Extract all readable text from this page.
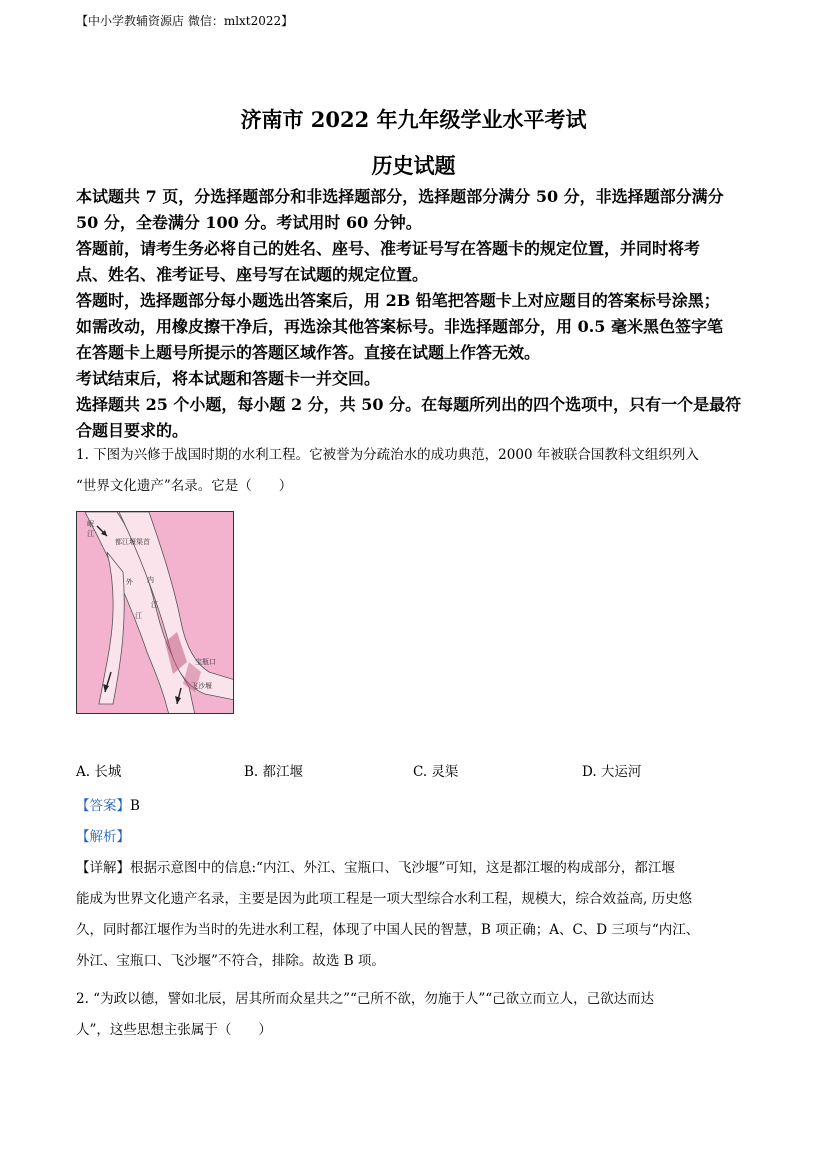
【中小学教辅资源店 微信：mlxt2022】
济南市 2022 年九年级学业水平考试
历史试题
本试题共 7 页，分选择题部分和非选择题部分，选择题部分满分 50 分，非选择题部分满分
50 分，全卷满分 100 分。考试用时 60 分钟。
答题前，请考生务必将自己的姓名、座号、准考证号写在答题卡的规定位置，并同时将考
点、姓名、准考证号、座号写在试题的规定位置。
答题时，选择题部分每小题选出答案后，用 2B 铅笔把答题卡上对应题目的答案标号涂黑；
如需改动，用橡皮擦干净后，再选涂其他答案标号。非选择题部分，用 0.5 毫米黑色签字笔
在答题卡上题号所提示的答题区域作答。直接在试题上作答无效。
考试结束后，将本试题和答题卡一并交回。
选择题共 25 个小题，每小题 2 分，共 50 分。在每题所列出的四个选项中，只有一个是最符
合题目要求的。
1. 下图为兴修于战国时期的水利工程。它被誉为分疏治水的成功典范，2000 年被联合国教科文组织列入
“世界文化遗产”名录。它是（　　）
岷
江
都江堰渠首
外 内
江
江
宝瓶口
飞沙堰
A. 长城	B. 都江堰	C. 灵渠	D. 大运河
【答案】B
【解析】
【详解】根据示意图中的信息:“内江、外江、宝瓶口、飞沙堰”可知，这是都江堰的构成部分，都江堰
能成为世界文化遗产名录，主要是因为此项工程是一项大型综合水利工程，规模大，综合效益高, 历史悠
久，同时都江堰作为当时的先进水利工程，体现了中国人民的智慧，B 项正确；A、C、D 三项与“内江、
外江、宝瓶口、飞沙堰”不符合，排除。故选 B 项。
2. “为政以德，譬如北辰，居其所而众星共之”“己所不欲，勿施于人”“己欲立而立人，己欲达而达
人”，这些思想主张属于（　　）
